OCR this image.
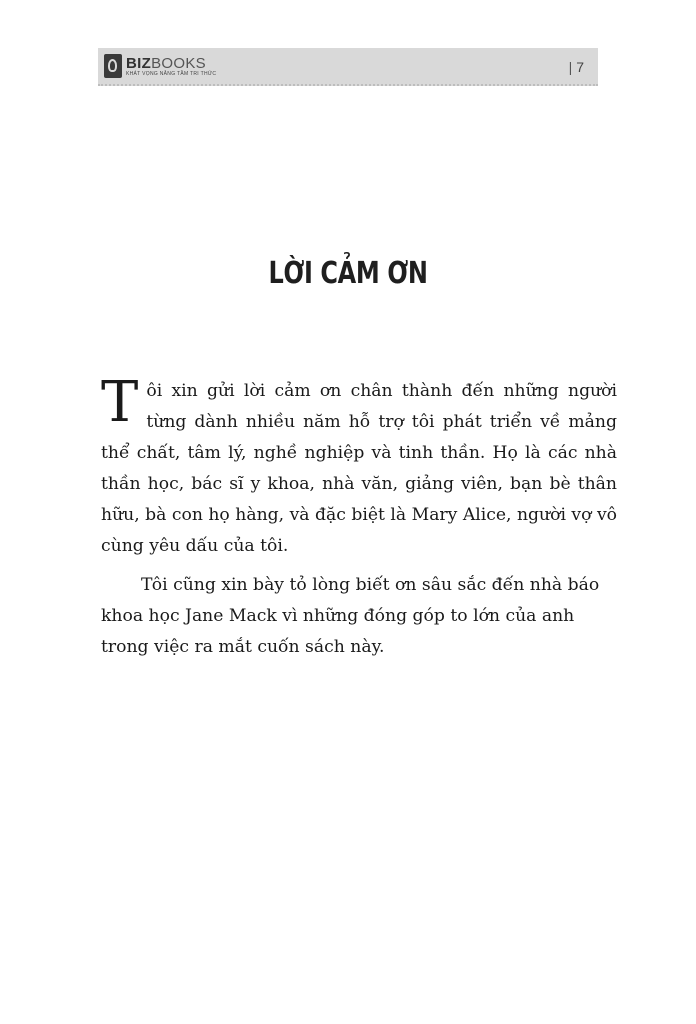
BIZBOOKS
KHÁT VỌNG NÂNG TẦM TRI THỨC	| 7
LỜI CẢM ƠN

Tôi xin gửi lời cảm ơn chân thành đến những người từng dành nhiều năm hỗ trợ tôi phát triển về mảng thể chất, tâm lý, nghề nghiệp và tinh thần. Họ là các nhà thần học, bác sĩ y khoa, nhà văn, giảng viên, bạn bè thân hữu, bà con họ hàng, và đặc biệt là Mary Alice, người vợ vô cùng yêu dấu của tôi.

Tôi cũng xin bày tỏ lòng biết ơn sâu sắc đến nhà báo khoa học Jane Mack vì những đóng góp to lớn của anh trong việc ra mắt cuốn sách này.
